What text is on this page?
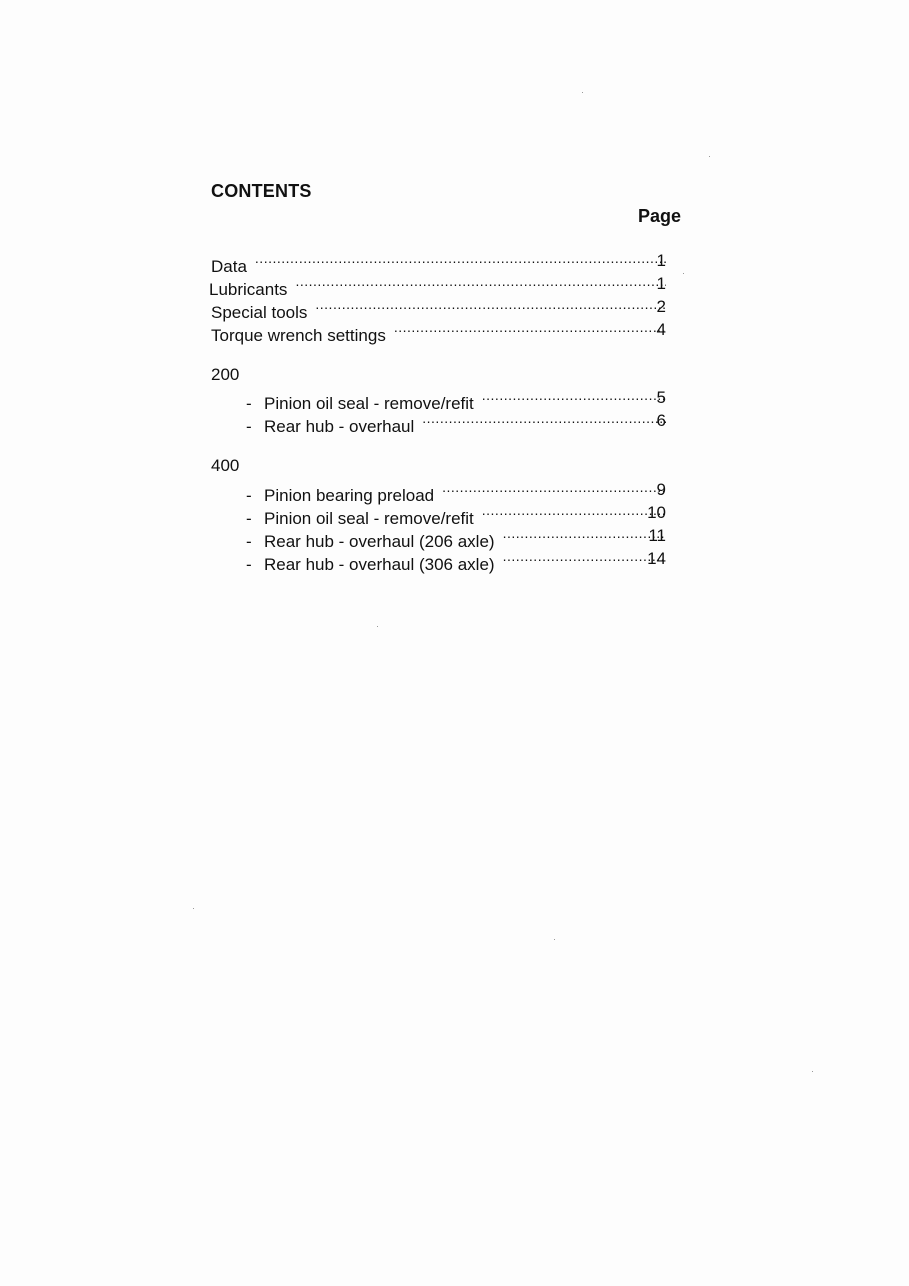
CONTENTS
Page
Data .....	1
Lubricants .....	1
Special tools .....	2
Torque wrench settings .....	4
200
- Pinion oil seal - remove/refit .....	5
- Rear hub - overhaul .....	6
400
- Pinion bearing preload .....	9
- Pinion oil seal - remove/refit .....	10
- Rear hub - overhaul (206 axle) .....	11
- Rear hub - overhaul (306 axle) .....	14
